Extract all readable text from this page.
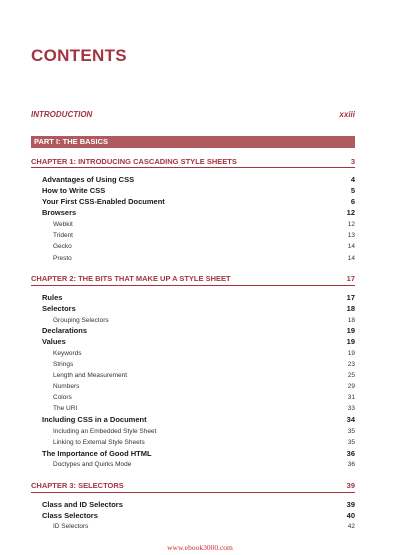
CONTENTS
INTRODUCTION	xxiii
PART I: THE BASICS
CHAPTER 1: INTRODUCING CASCADING STYLE SHEETS	3
Advantages of Using CSS	4
How to Write CSS	5
Your First CSS-Enabled Document	6
Browsers	12
Webkit	12
Trident	13
Gecko	14
Presto	14
CHAPTER 2: THE BITS THAT MAKE UP A STYLE SHEET	17
Rules	17
Selectors	18
Grouping Selectors	18
Declarations	19
Values	19
Keywords	19
Strings	23
Length and Measurement	25
Numbers	29
Colors	31
The URI	33
Including CSS in a Document	34
Including an Embedded Style Sheet	35
Linking to External Style Sheets	35
The Importance of Good HTML	36
Doctypes and Quirks Mode	36
CHAPTER 3: SELECTORS	39
Class and ID Selectors	39
Class Selectors	40
ID Selectors	42
www.ebook3000.com
